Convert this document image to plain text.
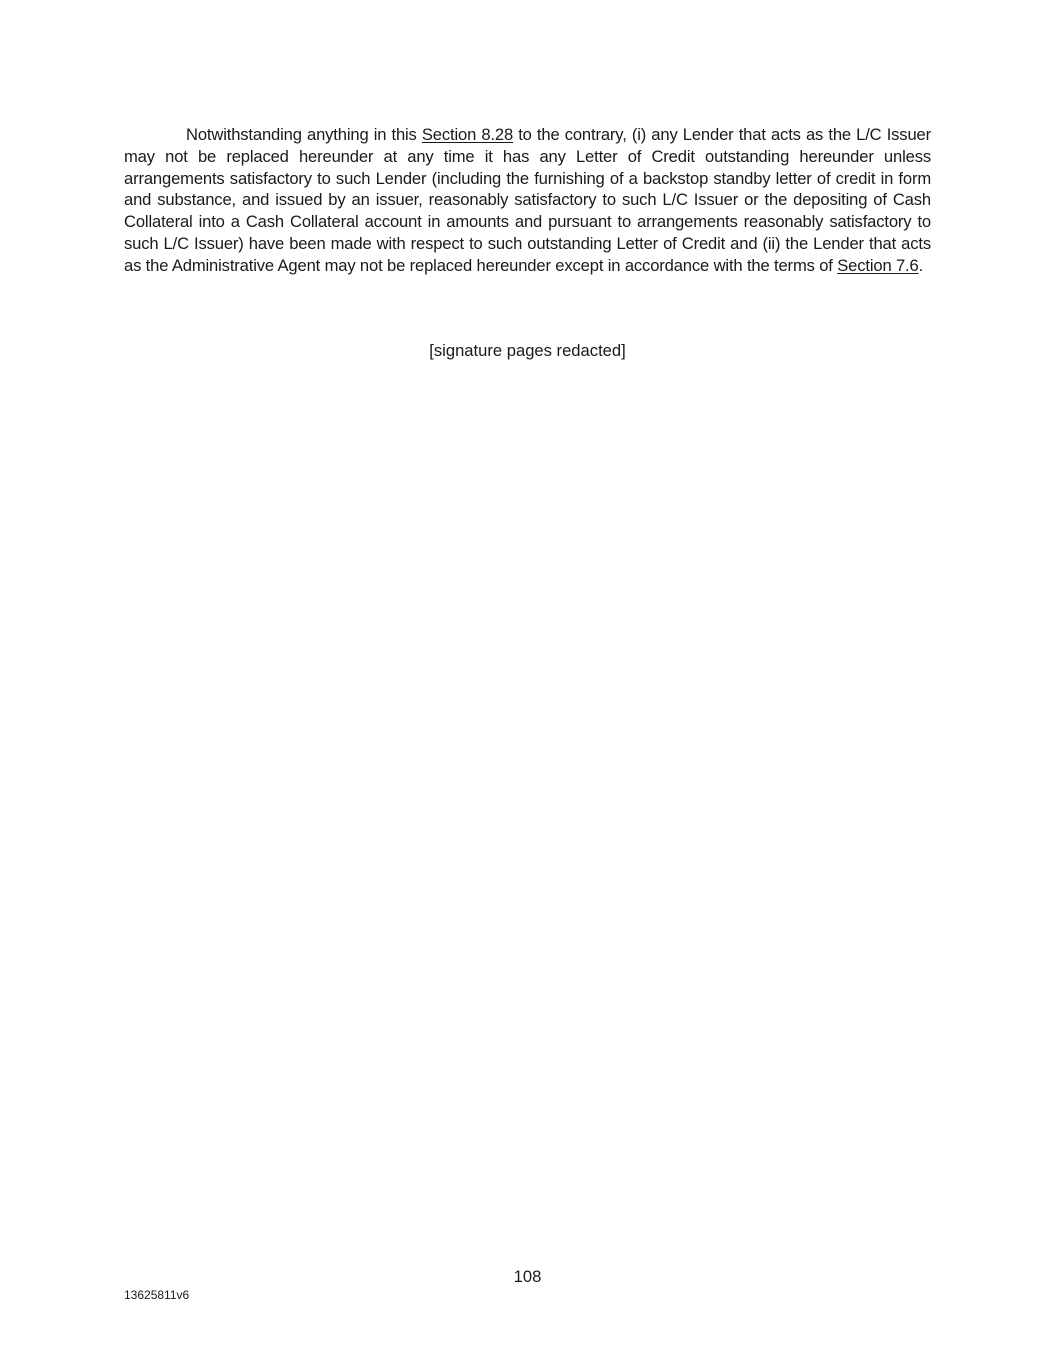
Notwithstanding anything in this Section 8.28 to the contrary, (i) any Lender that acts as the L/C Issuer may not be replaced hereunder at any time it has any Letter of Credit outstanding hereunder unless arrangements satisfactory to such Lender (including the furnishing of a backstop standby letter of credit in form and substance, and issued by an issuer, reasonably satisfactory to such L/C Issuer or the depositing of Cash Collateral into a Cash Collateral account in amounts and pursuant to arrangements reasonably satisfactory to such L/C Issuer) have been made with respect to such outstanding Letter of Credit and (ii) the Lender that acts as the Administrative Agent may not be replaced hereunder except in accordance with the terms of Section 7.6.

[signature pages redacted]
108
13625811v6
